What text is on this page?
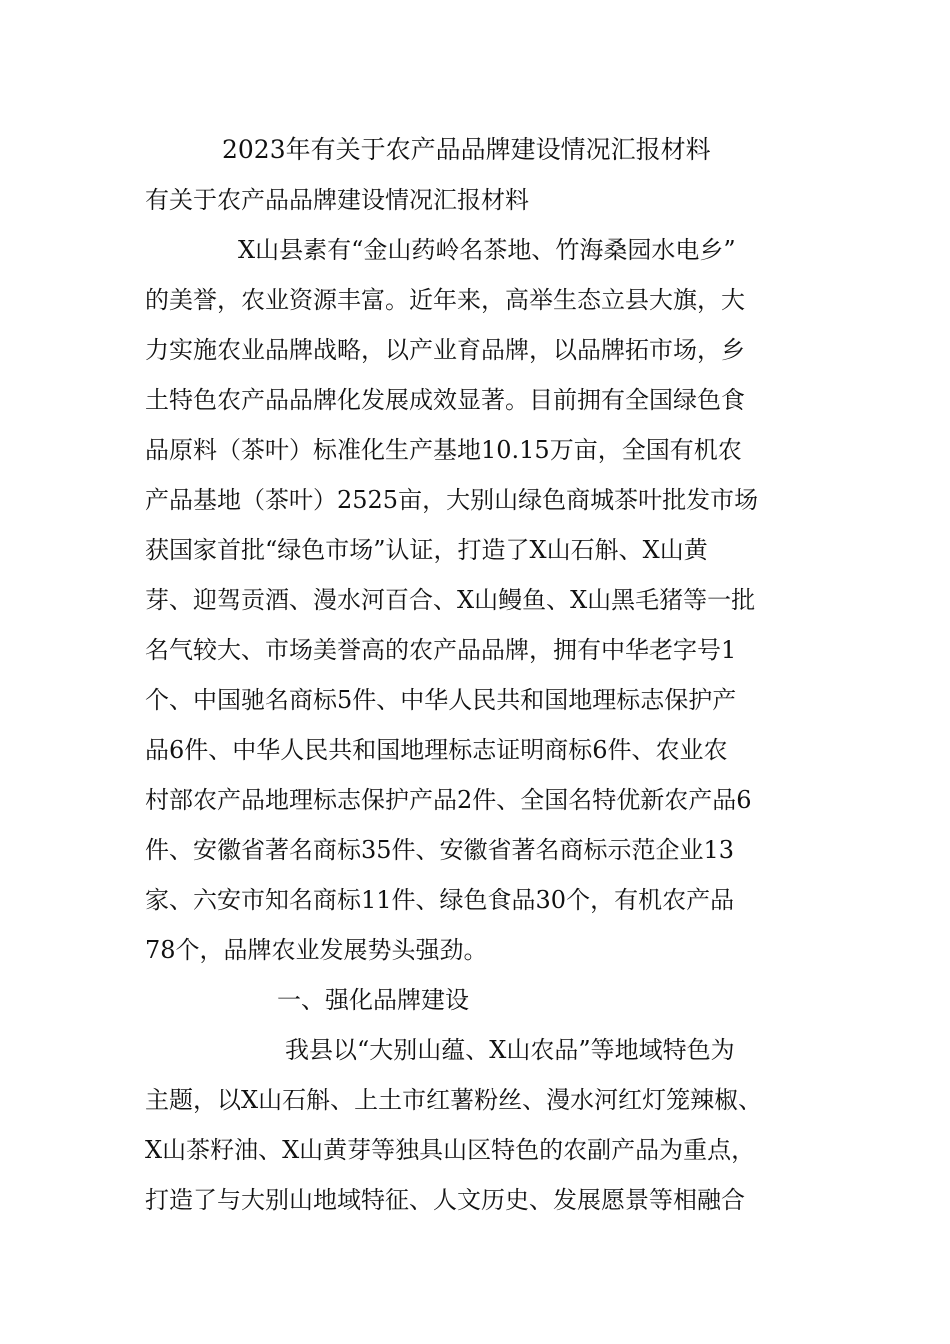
2023年有关于农产品品牌建设情况汇报材料
有关于农产品品牌建设情况汇报材料
X山县素有“金山药岭名茶地、竹海桑园水电乡”
的美誉，农业资源丰富。近年来，高举生态立县大旗，大
力实施农业品牌战略，以产业育品牌，以品牌拓市场，乡
土特色农产品品牌化发展成效显著。目前拥有全国绿色食
品原料（茶叶）标准化生产基地10.15万亩，全国有机农
产品基地（茶叶）2525亩，大别山绿色商城茶叶批发市场
获国家首批“绿色市场”认证，打造了X山石斛、X山黄
芽、迎驾贡酒、漫水河百合、X山鳗鱼、X山黑毛猪等一批
名气较大、市场美誉高的农产品品牌，拥有中华老字号1
个、中国驰名商标5件、中华人民共和国地理标志保护产
品6件、中华人民共和国地理标志证明商标6件、农业农
村部农产品地理标志保护产品2件、全国名特优新农产品6
件、安徽省著名商标35件、安徽省著名商标示范企业13
家、六安市知名商标11件、绿色食品30个，有机农产品
78个，品牌农业发展势头强劲。
一、强化品牌建设
我县以“大别山蕴、X山农品”等地域特色为
主题，以X山石斛、上土市红薯粉丝、漫水河红灯笼辣椒、
X山茶籽油、X山黄芽等独具山区特色的农副产品为重点，
打造了与大别山地域特征、人文历史、发展愿景等相融合
